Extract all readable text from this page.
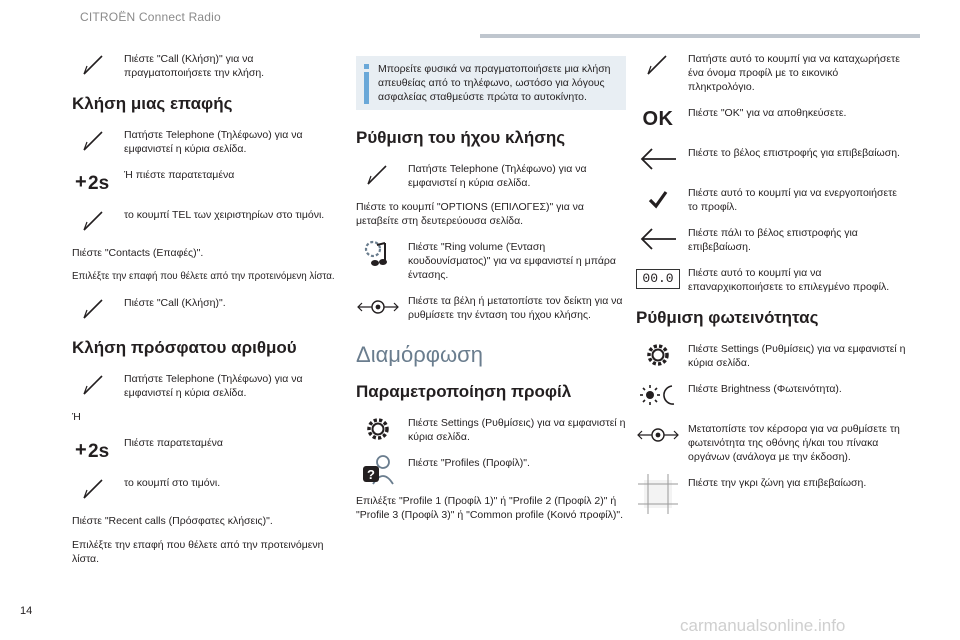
CITROËN Connect Radio
Πιέστε "Call (Κλήση)" για να πραγματοποιήσετε την κλήση.
Κλήση μιας επαφής
Πατήστε Telephone (Τηλέφωνο) για να εμφανιστεί η κύρια σελίδα.
+ 2s Ή πιέστε παρατεταμένα
το κουμπί TEL των χειριστηρίων στο τιμόνι.
Πιέστε "Contacts (Επαφές)".
Επιλέξτε την επαφή που θέλετε από την προτεινόμενη λίστα.
Πιέστε "Call (Κλήση)".
Κλήση πρόσφατου αριθμού
Πατήστε Telephone (Τηλέφωνο) για να εμφανιστεί η κύρια σελίδα.
Ή
+ 2s Πιέστε παρατεταμένα
το κουμπί στο τιμόνι.
Πιέστε "Recent calls (Πρόσφατες κλήσεις)".
Επιλέξτε την επαφή που θέλετε από την προτεινόμενη λίστα.
Μπορείτε φυσικά να πραγματοποιήσετε μια κλήση απευθείας από το τηλέφωνο, ωστόσο για λόγους ασφαλείας σταθμεύστε πρώτα το αυτοκίνητο.
Ρύθμιση του ήχου κλήσης
Πατήστε Telephone (Τηλέφωνο) για να εμφανιστεί η κύρια σελίδα.
Πιέστε το κουμπί "OPTIONS (ΕΠΙΛΟΓΕΣ)" για να μεταβείτε στη δευτερεύουσα σελίδα.
Πιέστε "Ring volume (Ένταση κουδουνίσματος)" για να εμφανιστεί η μπάρα έντασης.
Πιέστε τα βέλη ή μετατοπίστε τον δείκτη για να ρυθμίσετε την ένταση του ήχου κλήσης.
Διαμόρφωση
Παραμετροποίηση προφίλ
Πιέστε Settings (Ρυθμίσεις) για να εμφανιστεί η κύρια σελίδα.
?
Πιέστε "Profiles (Προφίλ)".
Επιλέξτε "Profile 1 (Προφίλ 1)" ή "Profile 2 (Προφίλ 2)" ή "Profile 3 (Προφίλ 3)" ή "Common profile (Κοινό προφίλ)".
Πατήστε αυτό το κουμπί για να καταχωρήσετε ένα όνομα προφίλ με το εικονικό πληκτρολόγιο.
OK Πιέστε "OK" για να αποθηκεύσετε.
Πιέστε το βέλος επιστροφής για επιβεβαίωση.
Πιέστε αυτό το κουμπί για να ενεργοποιήσετε το προφίλ.
Πιέστε πάλι το βέλος επιστροφής για επιβεβαίωση.
00.0	Πιέστε αυτό το κουμπί για να επαναρχικοποιήσετε το επιλεγμένο προφίλ.
Ρύθμιση φωτεινότητας
Πιέστε Settings (Ρυθμίσεις) για να εμφανιστεί η κύρια σελίδα.
Πιέστε Brightness (Φωτεινότητα).
Μετατοπίστε τον κέρσορα για να ρυθμίσετε τη φωτεινότητα της οθόνης ή/και του πίνακα οργάνων (ανάλογα με την έκδοση).
Πιέστε την γκρι ζώνη για επιβεβαίωση.
14
carmanualsonline.info
